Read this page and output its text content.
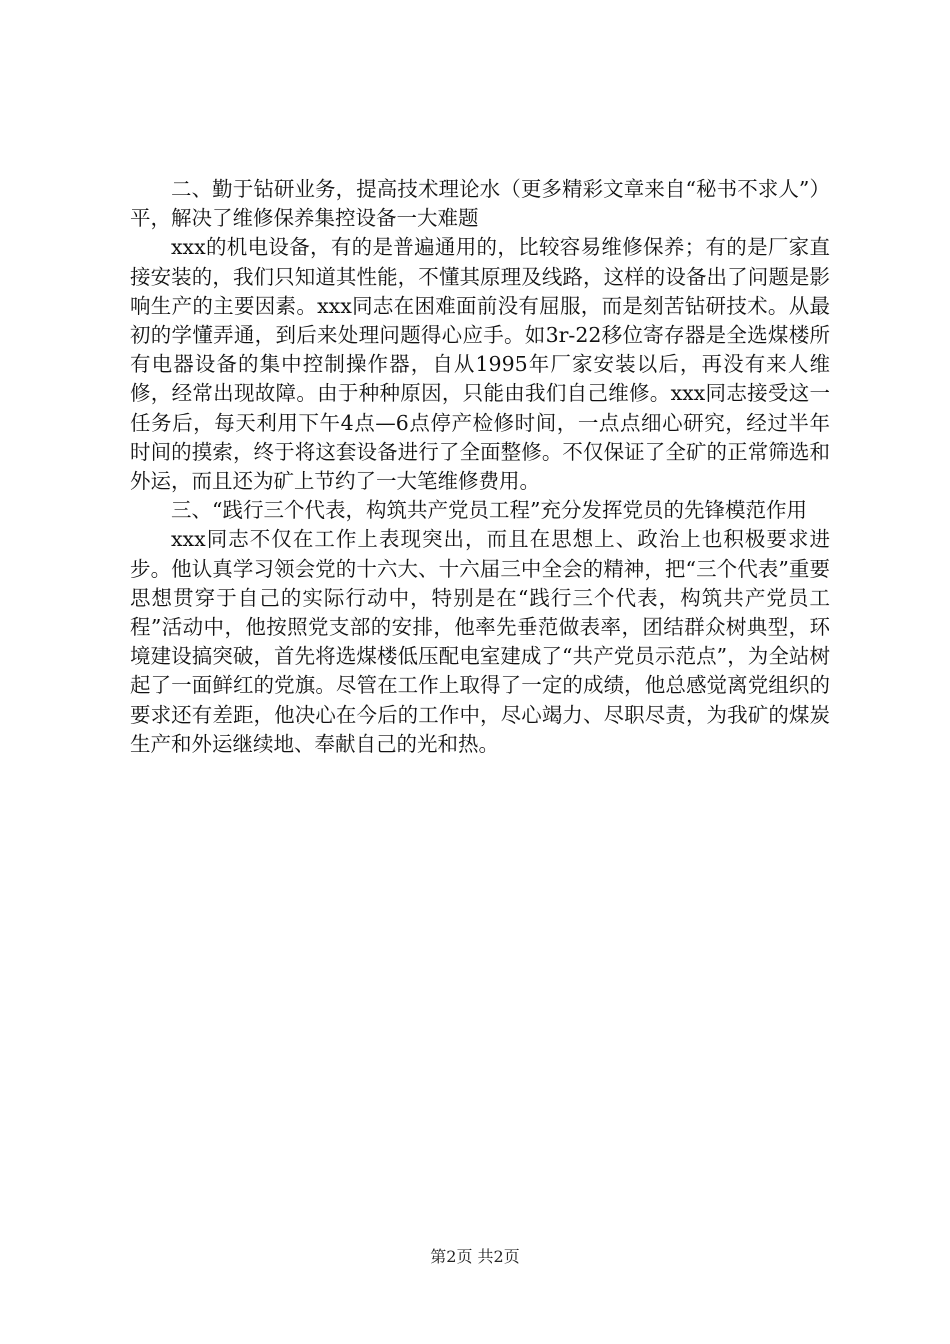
二、勤于钻研业务，提高技术理论水（更多精彩文章来自“秘书不求人”）平，解决了维修保养集控设备一大难题

xxx的机电设备，有的是普遍通用的，比较容易维修保养；有的是厂家直接安装的，我们只知道其性能，不懂其原理及线路，这样的设备出了问题是影响生产的主要因素。xxx同志在困难面前没有屈服，而是刻苦钻研技术。从最初的学懂弄通，到后来处理问题得心应手。如3r-22移位寄存器是全选煤楼所有电器设备的集中控制操作器，自从1995年厂家安装以后，再没有来人维修，经常出现故障。由于种种原因，只能由我们自己维修。xxx同志接受这一任务后，每天利用下午4点—6点停产检修时间，一点点细心研究，经过半年时间的摸索，终于将这套设备进行了全面整修。不仅保证了全矿的正常筛选和外运，而且还为矿上节约了一大笔维修费用。

三、“践行三个代表，构筑共产党员工程”充分发挥党员的先锋模范作用

xxx同志不仅在工作上表现突出，而且在思想上、政治上也积极要求进步。他认真学习领会党的十六大、十六届三中全会的精神，把“三个代表”重要思想贯穿于自己的实际行动中，特别是在“践行三个代表，构筑共产党员工程”活动中，他按照党支部的安排，他率先垂范做表率，团结群众树典型，环境建设搞突破，首先将选煤楼低压配电室建成了“共产党员示范点”，为全站树起了一面鲜红的党旗。尽管在工作上取得了一定的成绩，他总感觉离党组织的要求还有差距，他决心在今后的工作中，尽心竭力、尽职尽责，为我矿的煤炭生产和外运继续地、奉献自己的光和热。

第2页 共2页
